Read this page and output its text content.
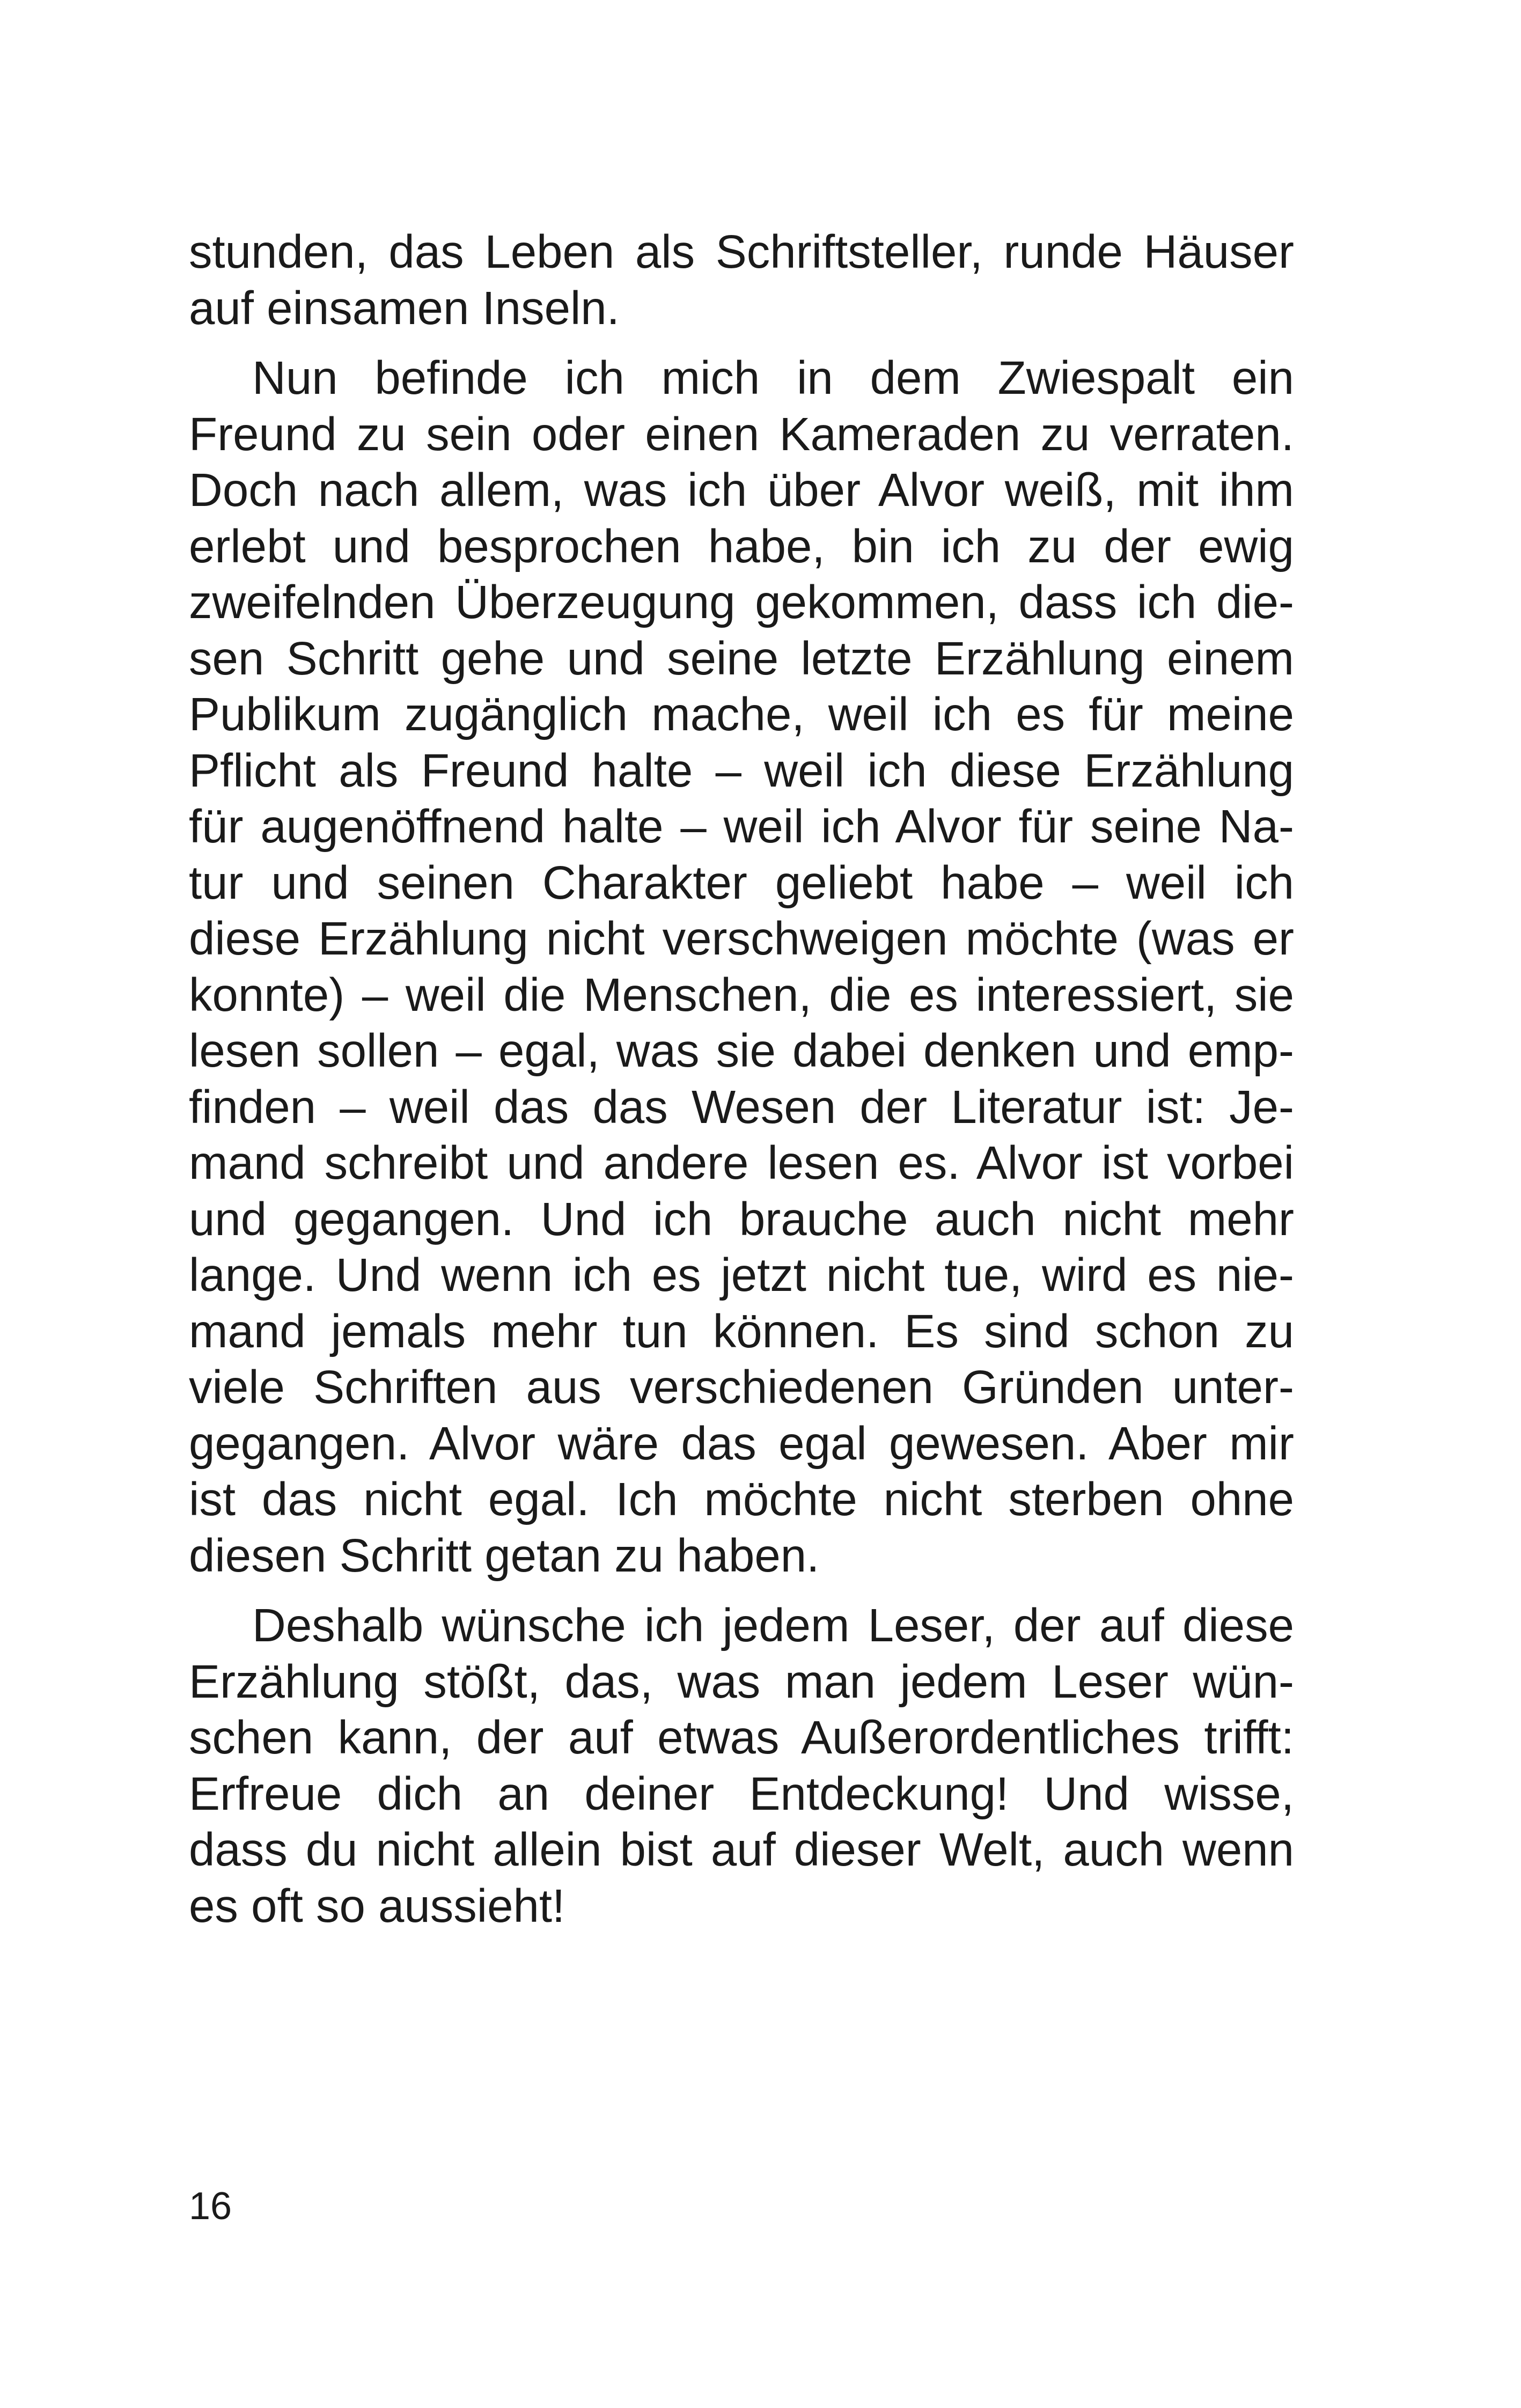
stunden, das Leben als Schriftsteller, runde Häuser
auf einsamen Inseln.

Nun befinde ich mich in dem Zwiespalt ein
Freund zu sein oder einen Kameraden zu verraten.
Doch nach allem, was ich über Alvor weiß, mit ihm
erlebt und besprochen habe, bin ich zu der ewig
zweifelnden Überzeugung gekommen, dass ich die-
sen Schritt gehe und seine letzte Erzählung einem
Publikum zugänglich mache, weil ich es für meine
Pflicht als Freund halte – weil ich diese Erzählung
für augenöffnend halte – weil ich Alvor für seine Na-
tur und seinen Charakter geliebt habe – weil ich
diese Erzählung nicht verschweigen möchte (was er
konnte) – weil die Menschen, die es interessiert, sie
lesen sollen – egal, was sie dabei denken und emp-
finden – weil das das Wesen der Literatur ist: Je-
mand schreibt und andere lesen es. Alvor ist vorbei
und gegangen. Und ich brauche auch nicht mehr
lange. Und wenn ich es jetzt nicht tue, wird es nie-
mand jemals mehr tun können. Es sind schon zu
viele Schriften aus verschiedenen Gründen unter-
gegangen. Alvor wäre das egal gewesen. Aber mir
ist das nicht egal. Ich möchte nicht sterben ohne
diesen Schritt getan zu haben.

Deshalb wünsche ich jedem Leser, der auf diese
Erzählung stößt, das, was man jedem Leser wün-
schen kann, der auf etwas Außerordentliches trifft:
Erfreue dich an deiner Entdeckung! Und wisse,
dass du nicht allein bist auf dieser Welt, auch wenn
es oft so aussieht!

16
